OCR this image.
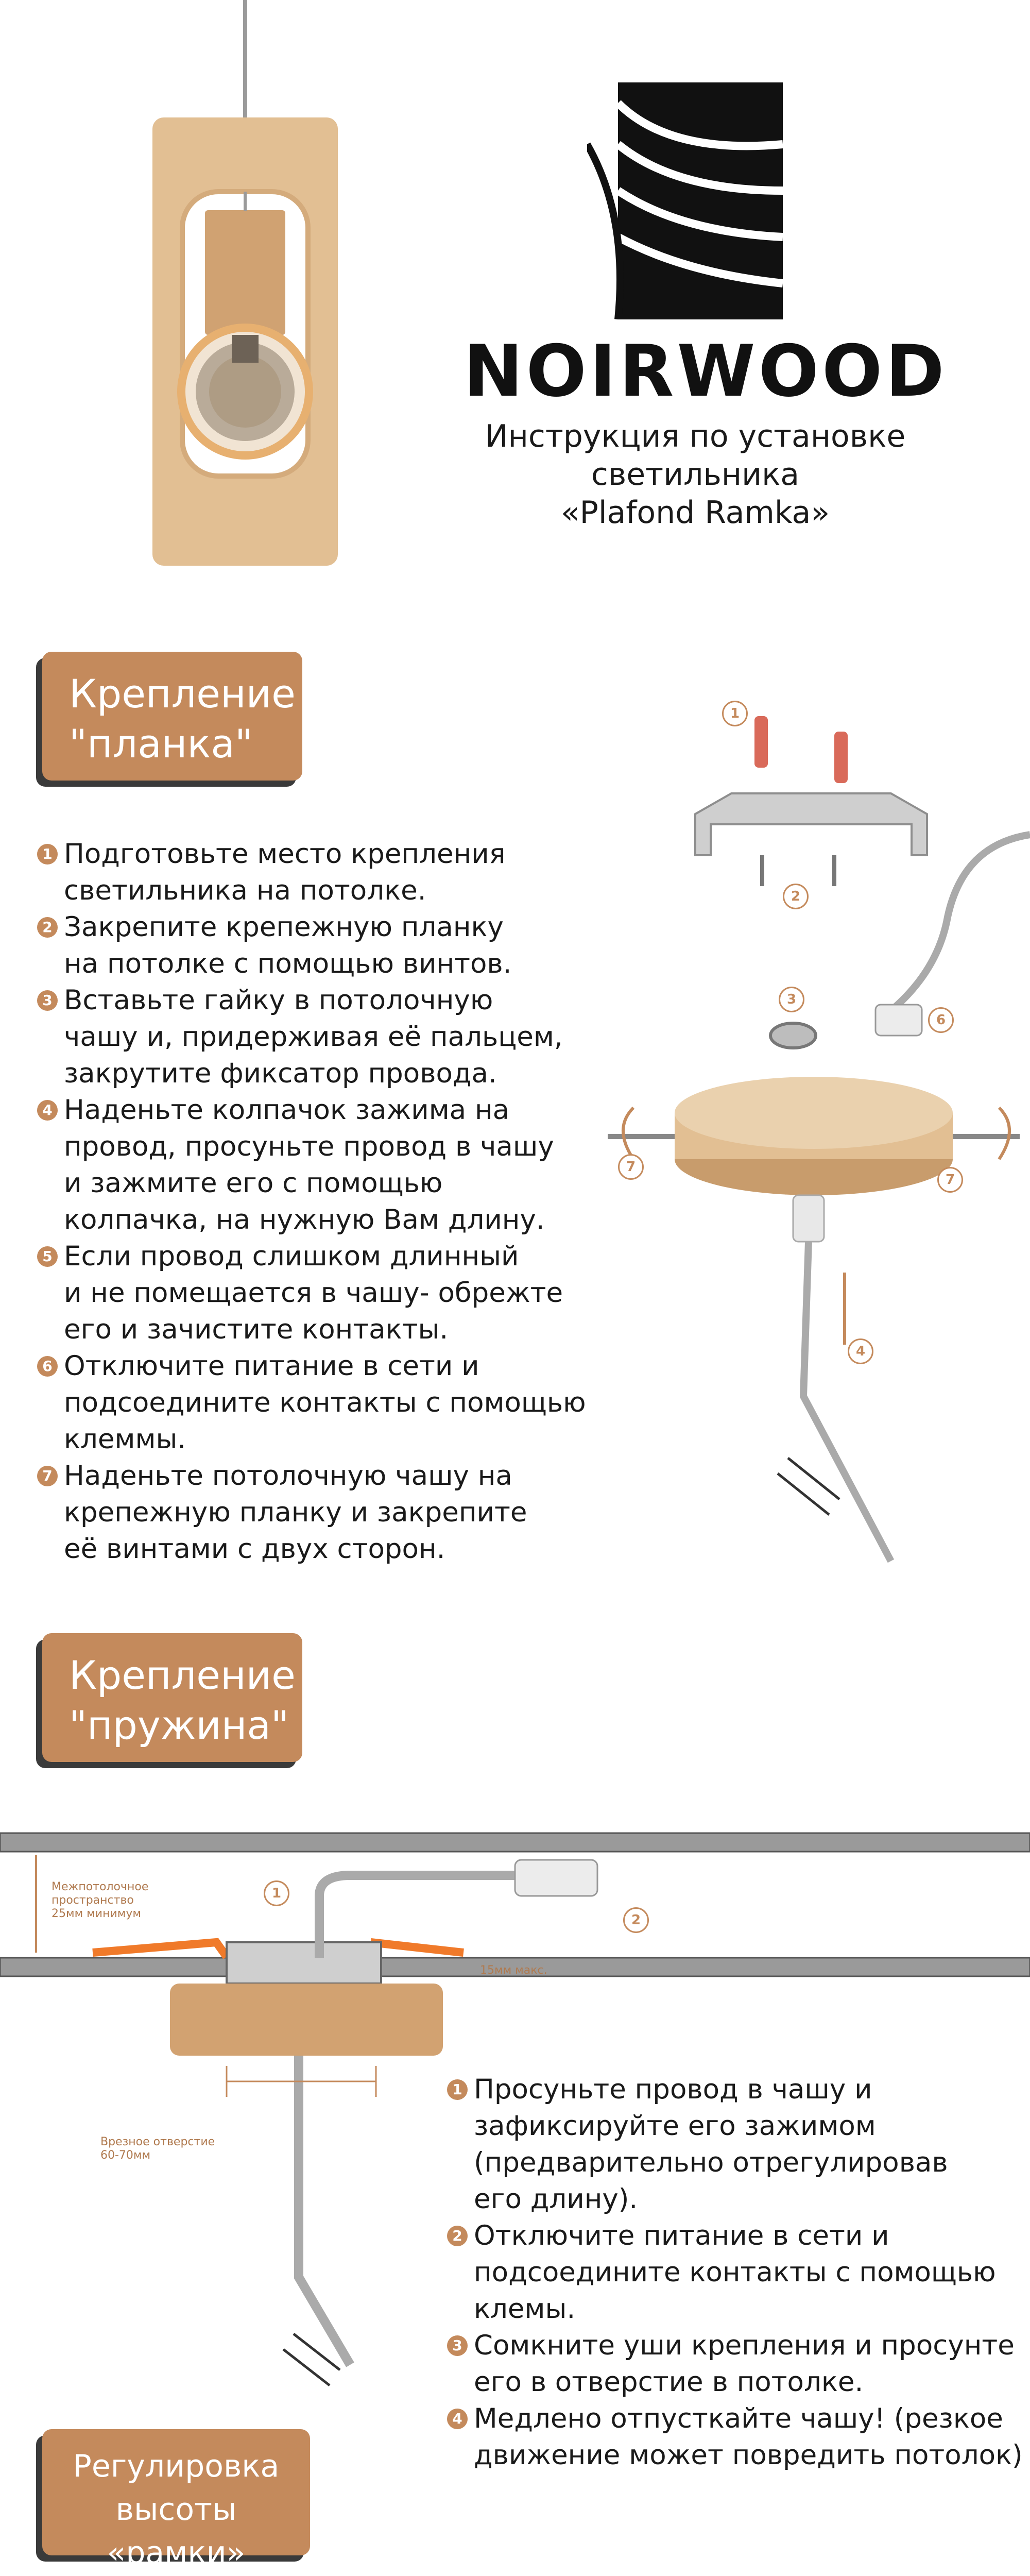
NOIRWOOD
Инструкция по установке
светильника
«Plafond Ramka»
Крепление
"планка"
1 Подготовьте место крепления
светильника на потолке.
2 Закрепите крепежную планку
на потолке с помощью винтов.
3 Вставьте гайку в потолочную
чашу и, придерживая её пальцем,
закрутите фиксатор провода.
4 Наденьте колпачок зажима на
провод, просуньте провод в чашу
и зажмите его с помощью
колпачка, на нужную Вам длину.
5 Если провод слишком длинный
и не помещается в чашу- обрежте
его и зачистите контакты.
6 Отключите питание в сети и
подсоедините контакты с помощью
клеммы.
7 Наденьте потолочную чашу на
крепежную планку и закрепите
её винтами с двух сторон.
1
2
3
4
6
7
7
Крепление
"пружина"
Межпотолочное
пространство
25мм минимум
15мм макс.
Врезное отверстие
60-70мм
1
2
1 Просуньте провод в чашу и
зафиксируйте его зажимом
(предварительно отрегулировав
его длину).
2 Отключите питание в сети и
подсоедините контакты с помощью
клемы.
3 Сомкните уши крепления и просунте
его в отверстие в потолке.
4 Медлено отпусткайте чашу! (резкое
движение может повредить потолок)
Регулировка
высоты «рамки»
